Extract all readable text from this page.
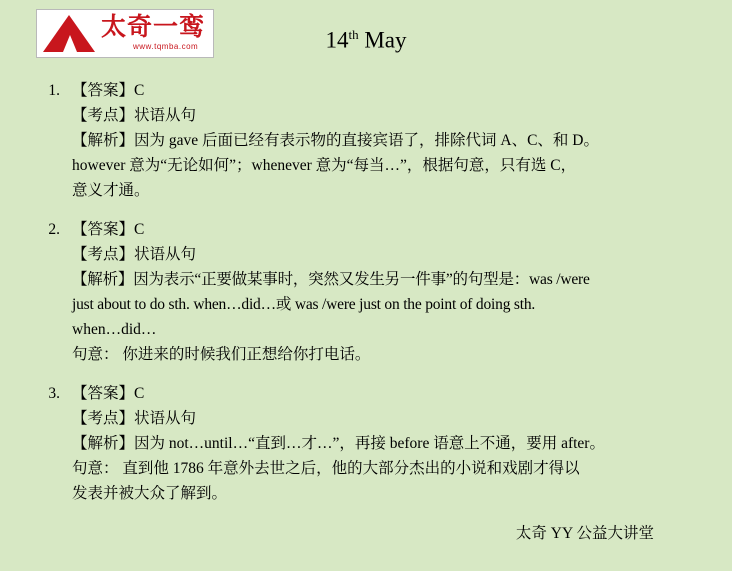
太奇一鸾
www.tqmba.com	14th May
1. 【答案】C
【考点】状语从句
【解析】因为 gave 后面已经有表示物的直接宾语了，排除代词 A、C、和 D。
however 意为“无论如何”；whenever 意为“每当…”，根据句意，只有选 C，
意义才通。
2. 【答案】C
【考点】状语从句
【解析】因为表示“正要做某事时，突然又发生另一件事”的句型是：was /were
just about to do sth. when…did…或 was /were just on the point of doing sth.
when…did…
句意： 你进来的时候我们正想给你打电话。
3. 【答案】C
【考点】状语从句
【解析】因为 not…until…“直到…才…”，再接 before 语意上不通，要用 after。
句意： 直到他 1786 年意外去世之后，他的大部分杰出的小说和戏剧才得以
发表并被大众了解到。
太奇 YY 公益大讲堂
